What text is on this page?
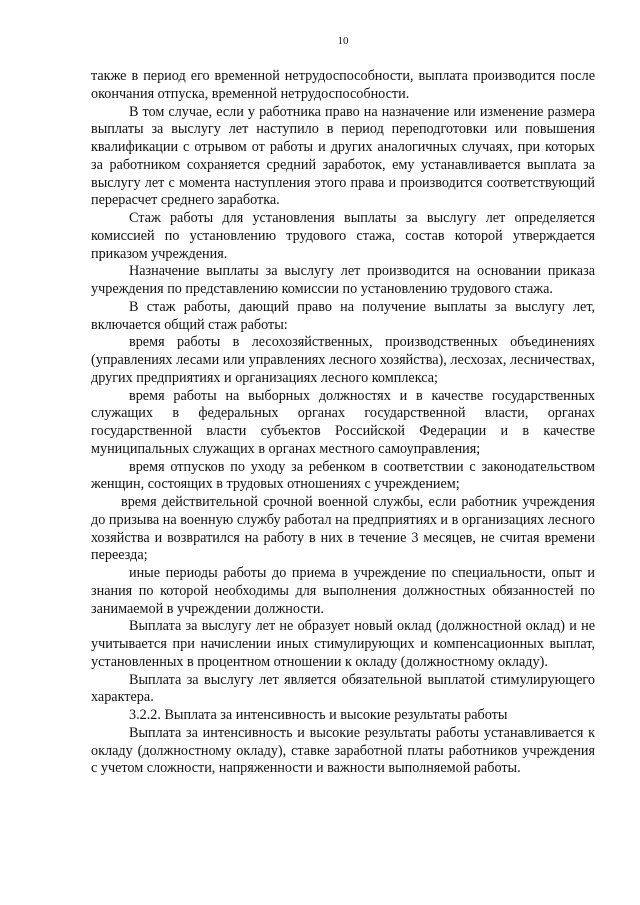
10

также в период его временной нетрудоспособности, выплата производится после окончания отпуска, временной нетрудоспособности.

В том случае, если у работника право на назначение или изменение размера выплаты за выслугу лет наступило в период переподготовки или повышения квалификации с отрывом от работы и других аналогичных случаях, при которых за работником сохраняется средний заработок, ему устанавливается выплата за выслугу лет с момента наступления этого права и производится соответствующий перерасчет среднего заработка.

Стаж работы для установления выплаты за выслугу лет определяется комиссией по установлению трудового стажа, состав которой утверждается приказом учреждения.

Назначение выплаты за выслугу лет производится на основании приказа учреждения по представлению комиссии по установлению трудового стажа.

В стаж работы, дающий право на получение выплаты за выслугу лет, включается общий стаж работы:

время работы в лесохозяйственных, производственных объединениях (управлениях лесами или управлениях лесного хозяйства), лесхозах, лесничествах, других предприятиях и организациях лесного комплекса;

время работы на выборных должностях и в качестве государственных служащих в федеральных органах государственной власти, органах государственной власти субъектов Российской Федерации и в качестве муниципальных служащих в органах местного самоуправления;

время отпусков по уходу за ребенком в соответствии с законодательством женщин, состоящих в трудовых отношениях с учреждением;

время действительной срочной военной службы, если работник учреждения до призыва на военную службу работал на предприятиях и в организациях лесного хозяйства и возвратился на работу в них в течение 3 месяцев, не считая времени переезда;

иные периоды работы до приема в учреждение по специальности, опыт и знания по которой необходимы для выполнения должностных обязанностей по занимаемой в учреждении должности.

Выплата за выслугу лет не образует новый оклад (должностной оклад) и не учитывается при начислении иных стимулирующих и компенсационных выплат, установленных в процентном отношении к окладу (должностному окладу).

Выплата за выслугу лет является обязательной выплатой стимулирующего характера.

3.2.2. Выплата за интенсивность и высокие результаты работы

Выплата за интенсивность и высокие результаты работы устанавливается к окладу (должностному окладу), ставке заработной платы работников учреждения с учетом сложности, напряженности и важности выполняемой работы.
